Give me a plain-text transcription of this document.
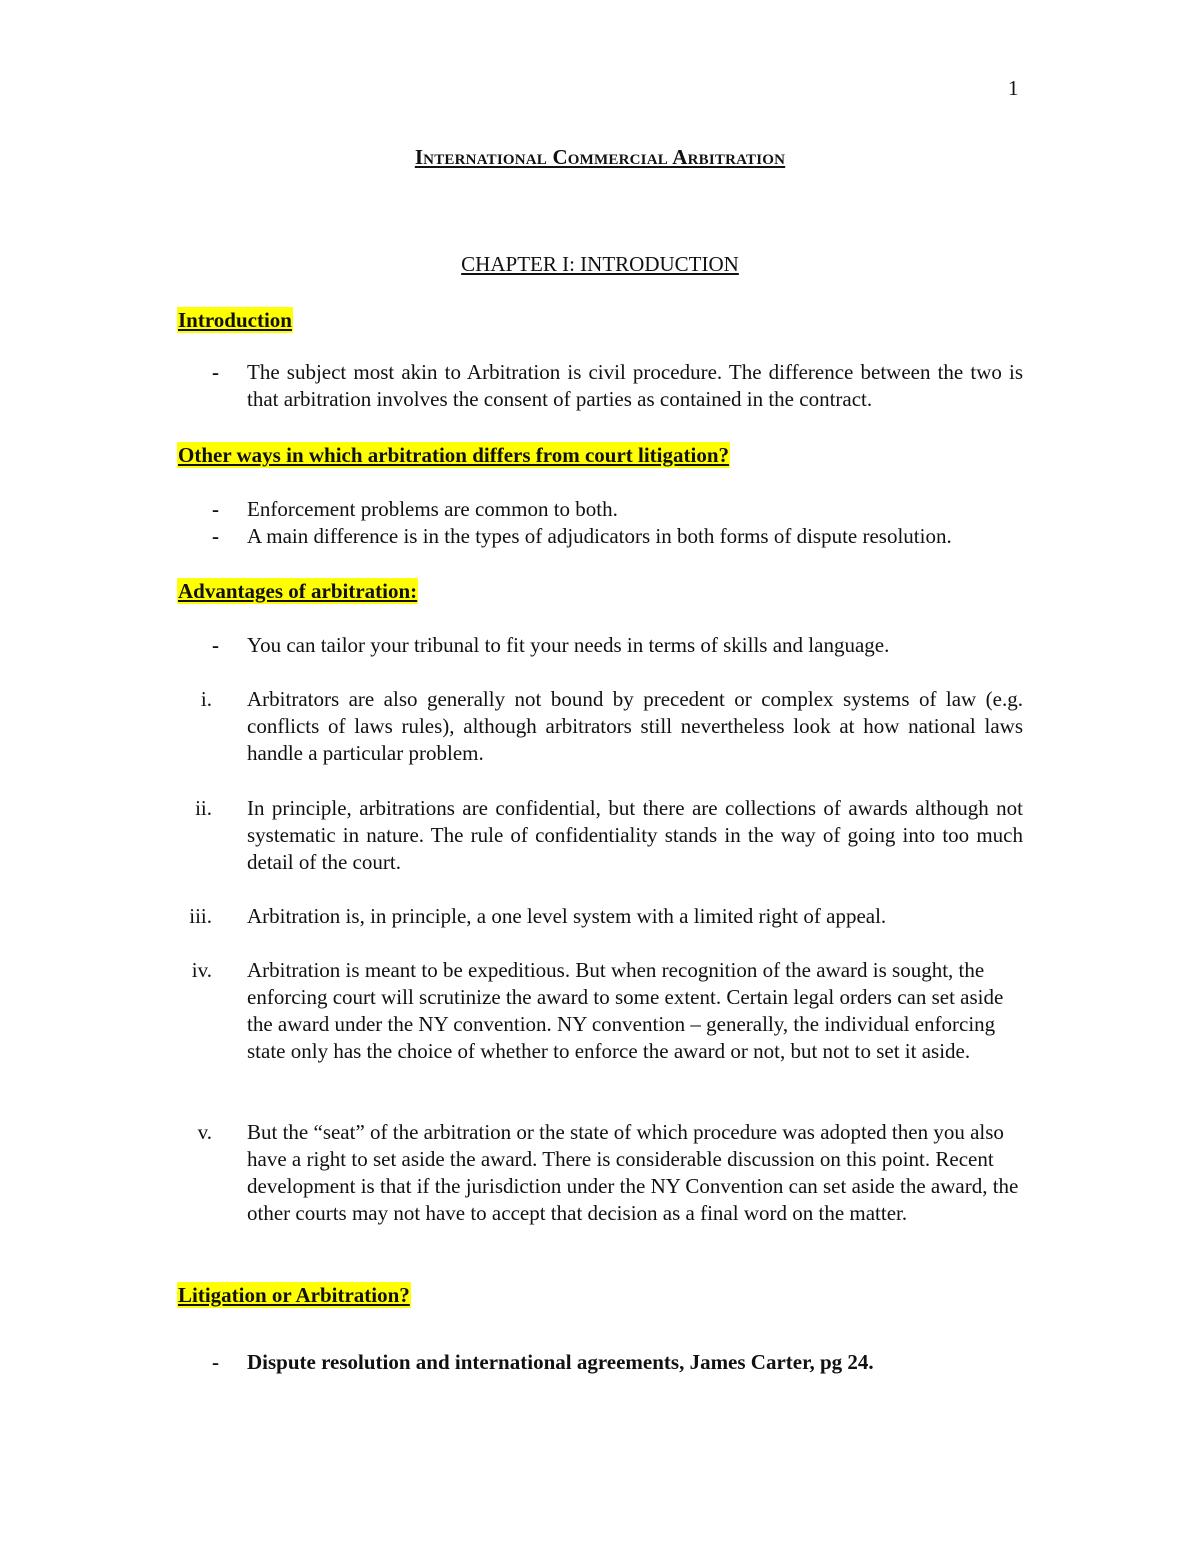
1
International Commercial Arbitration
CHAPTER I: INTRODUCTION
Introduction
- The subject most akin to Arbitration is civil procedure. The difference between the two is that arbitration involves the consent of parties as contained in the contract.
Other ways in which arbitration differs from court litigation?
- Enforcement problems are common to both.
- A main difference is in the types of adjudicators in both forms of dispute resolution.
Advantages of arbitration:
- You can tailor your tribunal to fit your needs in terms of skills and language.
i. Arbitrators are also generally not bound by precedent or complex systems of law (e.g. conflicts of laws rules), although arbitrators still nevertheless look at how national laws handle a particular problem.
ii. In principle, arbitrations are confidential, but there are collections of awards although not systematic in nature. The rule of confidentiality stands in the way of going into too much detail of the court.
iii. Arbitration is, in principle, a one level system with a limited right of appeal.
iv. Arbitration is meant to be expeditious. But when recognition of the award is sought, the enforcing court will scrutinize the award to some extent. Certain legal orders can set aside the award under the NY convention. NY convention – generally, the individual enforcing state only has the choice of whether to enforce the award or not, but not to set it aside.
v. But the “seat” of the arbitration or the state of which procedure was adopted then you also have a right to set aside the award. There is considerable discussion on this point. Recent development is that if the jurisdiction under the NY Convention can set aside the award, the other courts may not have to accept that decision as a final word on the matter.
Litigation or Arbitration?
- Dispute resolution and international agreements, James Carter, pg 24.
